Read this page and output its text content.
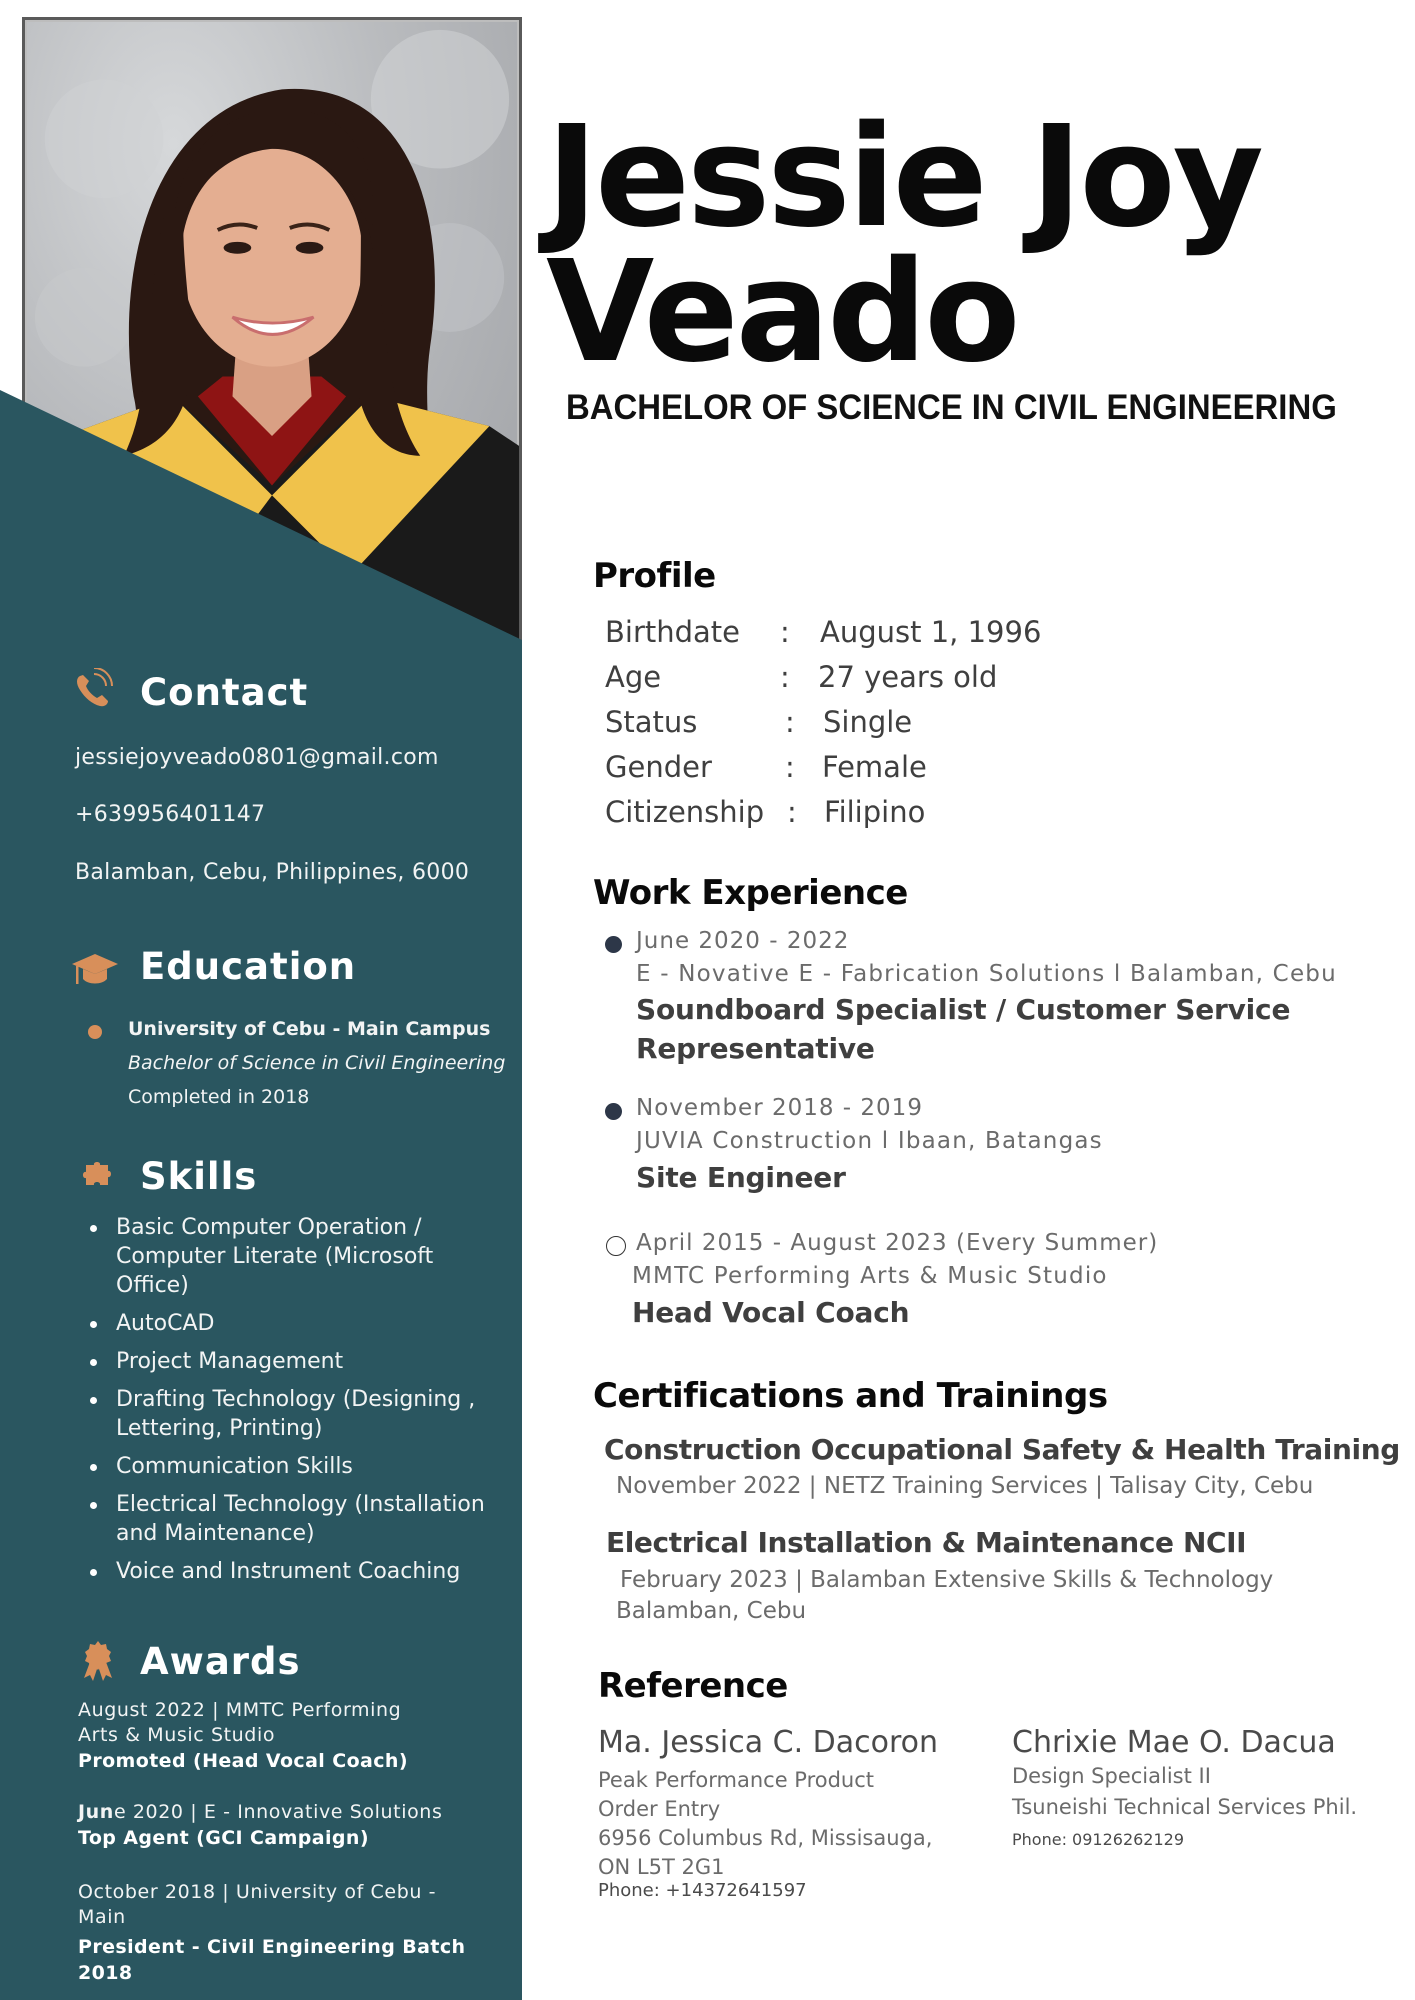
Contact
jessiejoyveado0801@gmail.com
+639956401147
Balamban, Cebu, Philippines, 6000
Education
University of Cebu - Main Campus
Bachelor of Science in Civil Engineering
Completed in 2018
Skills
Basic Computer Operation / Computer Literate (Microsoft Office)
AutoCAD
Project Management
Drafting Technology (Designing , Lettering, Printing)
Communication Skills
Electrical Technology (Installation and Maintenance)
Voice and Instrument Coaching
Awards
August 2022 | MMTC Performing
Arts & Music Studio
Promoted (Head Vocal Coach)
June 2020 | E - Innovative Solutions
Top Agent (GCI Campaign)
October 2018 | University of Cebu -
Main
President - Civil Engineering Batch 2018
Jessie Joy
Veado
BACHELOR OF SCIENCE IN CIVIL ENGINEERING
Profile
Birthdate : August 1, 1996
Age	: 27 years old
Status	: Single
Gender	: Female
Citizenship : Filipino
Work Experience
June 2020 - 2022
E - Novative E - Fabrication Solutions l Balamban, Cebu
Soundboard Specialist / Customer Service Representative
November 2018 - 2019
JUVIA Construction l Ibaan, Batangas
Site Engineer
April 2015 - August 2023 (Every Summer)
MMTC Performing Arts & Music Studio
Head Vocal Coach
Certifications and Trainings
Construction Occupational Safety & Health Training
November 2022 | NETZ Training Services | Talisay City, Cebu
Electrical Installation & Maintenance NCII
February 2023 | Balamban Extensive Skills & Technology
Balamban, Cebu
Reference
Ma. Jessica C. Dacoron
Peak Performance Product
Order Entry
6956 Columbus Rd, Missisauga,
ON L5T 2G1
Phone: +14372641597
Chrixie Mae O. Dacua
Design Specialist II
Tsuneishi Technical Services Phil.
Phone: 09126262129
